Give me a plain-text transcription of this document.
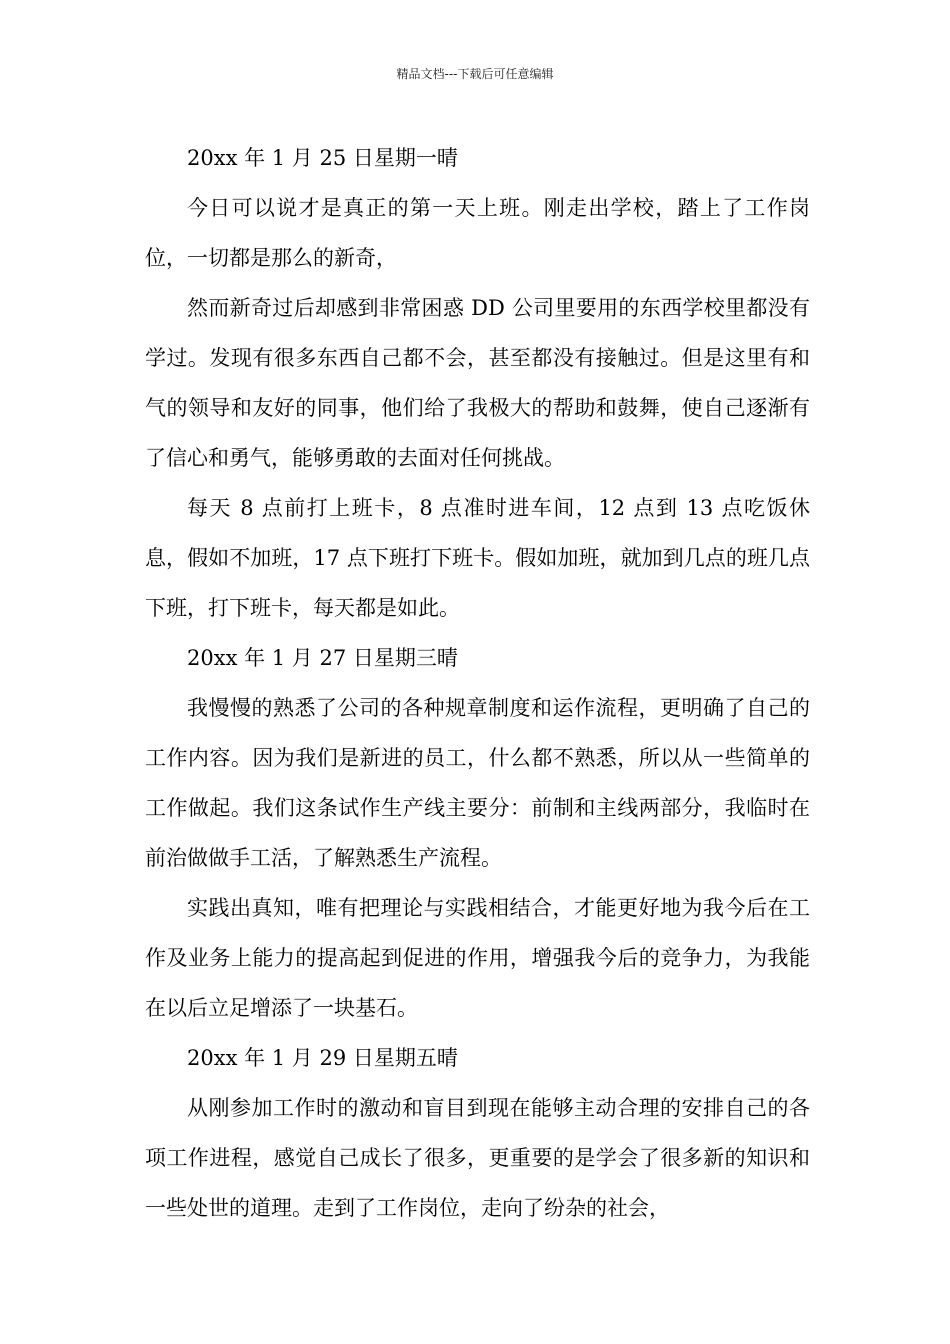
精品文档---下载后可任意编辑

20xx 年 1 月 25 日星期一晴

今日可以说才是真正的第一天上班。刚走出学校，踏上了工作岗位，一切都是那么的新奇，

然而新奇过后却感到非常困惑 DD 公司里要用的东西学校里都没有学过。发现有很多东西自己都不会，甚至都没有接触过。但是这里有和气的领导和友好的同事，他们给了我极大的帮助和鼓舞，使自己逐渐有了信心和勇气，能够勇敢的去面对任何挑战。

每天 8 点前打上班卡，8 点准时进车间，12 点到 13 点吃饭休息，假如不加班，17 点下班打下班卡。假如加班，就加到几点的班几点下班，打下班卡，每天都是如此。

20xx 年 1 月 27 日星期三晴

我慢慢的熟悉了公司的各种规章制度和运作流程，更明确了自己的工作内容。因为我们是新进的员工，什么都不熟悉，所以从一些简单的工作做起。我们这条试作生产线主要分：前制和主线两部分，我临时在前治做做手工活，了解熟悉生产流程。

实践出真知，唯有把理论与实践相结合，才能更好地为我今后在工作及业务上能力的提高起到促进的作用，增强我今后的竞争力，为我能在以后立足增添了一块基石。

20xx 年 1 月 29 日星期五晴

从刚参加工作时的激动和盲目到现在能够主动合理的安排自己的各项工作进程，感觉自己成长了很多，更重要的是学会了很多新的知识和一些处世的道理。走到了工作岗位，走向了纷杂的社会，
